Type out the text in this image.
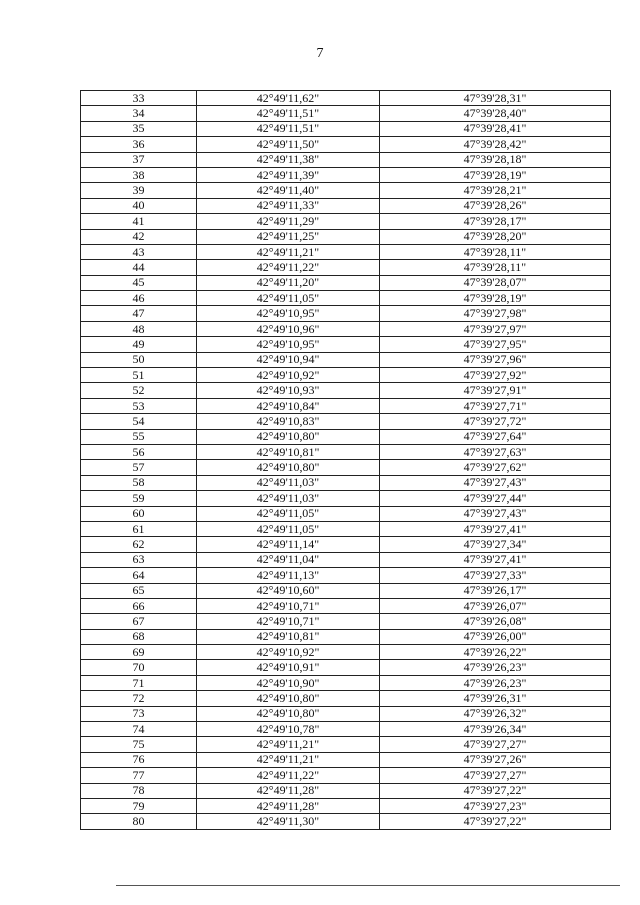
7
33	42°49'11,62"	47°39'28,31"
34	42°49'11,51"	47°39'28,40"
35	42°49'11,51"	47°39'28,41"
36	42°49'11,50"	47°39'28,42"
37	42°49'11,38"	47°39'28,18"
38	42°49'11,39"	47°39'28,19"
39	42°49'11,40"	47°39'28,21"
40	42°49'11,33"	47°39'28,26"
41	42°49'11,29"	47°39'28,17"
42	42°49'11,25"	47°39'28,20"
43	42°49'11,21"	47°39'28,11"
44	42°49'11,22"	47°39'28,11"
45	42°49'11,20"	47°39'28,07"
46	42°49'11,05"	47°39'28,19"
47	42°49'10,95"	47°39'27,98"
48	42°49'10,96"	47°39'27,97"
49	42°49'10,95"	47°39'27,95"
50	42°49'10,94"	47°39'27,96"
51	42°49'10,92"	47°39'27,92"
52	42°49'10,93"	47°39'27,91"
53	42°49'10,84"	47°39'27,71"
54	42°49'10,83"	47°39'27,72"
55	42°49'10,80"	47°39'27,64"
56	42°49'10,81"	47°39'27,63"
57	42°49'10,80"	47°39'27,62"
58	42°49'11,03"	47°39'27,43"
59	42°49'11,03"	47°39'27,44"
60	42°49'11,05"	47°39'27,43"
61	42°49'11,05"	47°39'27,41"
62	42°49'11,14"	47°39'27,34"
63	42°49'11,04"	47°39'27,41"
64	42°49'11,13"	47°39'27,33"
65	42°49'10,60"	47°39'26,17"
66	42°49'10,71"	47°39'26,07"
67	42°49'10,71"	47°39'26,08"
68	42°49'10,81"	47°39'26,00"
69	42°49'10,92"	47°39'26,22"
70	42°49'10,91"	47°39'26,23"
71	42°49'10,90"	47°39'26,23"
72	42°49'10,80"	47°39'26,31"
73	42°49'10,80"	47°39'26,32"
74	42°49'10,78"	47°39'26,34"
75	42°49'11,21"	47°39'27,27"
76	42°49'11,21"	47°39'27,26"
77	42°49'11,22"	47°39'27,27"
78	42°49'11,28"	47°39'27,22"
79	42°49'11,28"	47°39'27,23"
80	42°49'11,30"	47°39'27,22"
